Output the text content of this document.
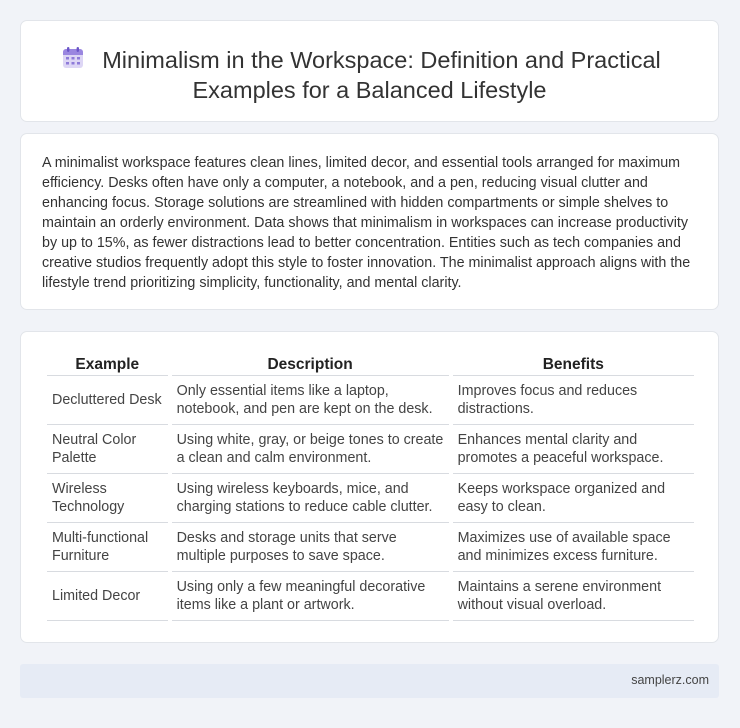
Minimalism in the Workspace: Definition and Practical
Examples for a Balanced Lifestyle

A minimalist workspace features clean lines, limited decor, and essential tools arranged for maximum efficiency. Desks often have only a computer, a notebook, and a pen, reducing visual clutter and enhancing focus. Storage solutions are streamlined with hidden compartments or simple shelves to maintain an orderly environment. Data shows that minimalism in workspaces can increase productivity by up to 15%, as fewer distractions lead to better concentration. Entities such as tech companies and creative studios frequently adopt this style to foster innovation. The minimalist approach aligns with the lifestyle trend prioritizing simplicity, functionality, and mental clarity.

Example	Description	Benefits
Decluttered Desk	Only essential items like a laptop, notebook, and pen are kept on the desk.	Improves focus and reduces distractions.
Neutral Color Palette	Using white, gray, or beige tones to create a clean and calm environment.	Enhances mental clarity and promotes a peaceful workspace.
Wireless Technology	Using wireless keyboards, mice, and charging stations to reduce cable clutter.	Keeps workspace organized and easy to clean.
Multi-functional Furniture	Desks and storage units that serve multiple purposes to save space.	Maximizes use of available space and minimizes excess furniture.
Limited Decor	Using only a few meaningful decorative items like a plant or artwork.	Maintains a serene environment without visual overload.
samplerz.com
